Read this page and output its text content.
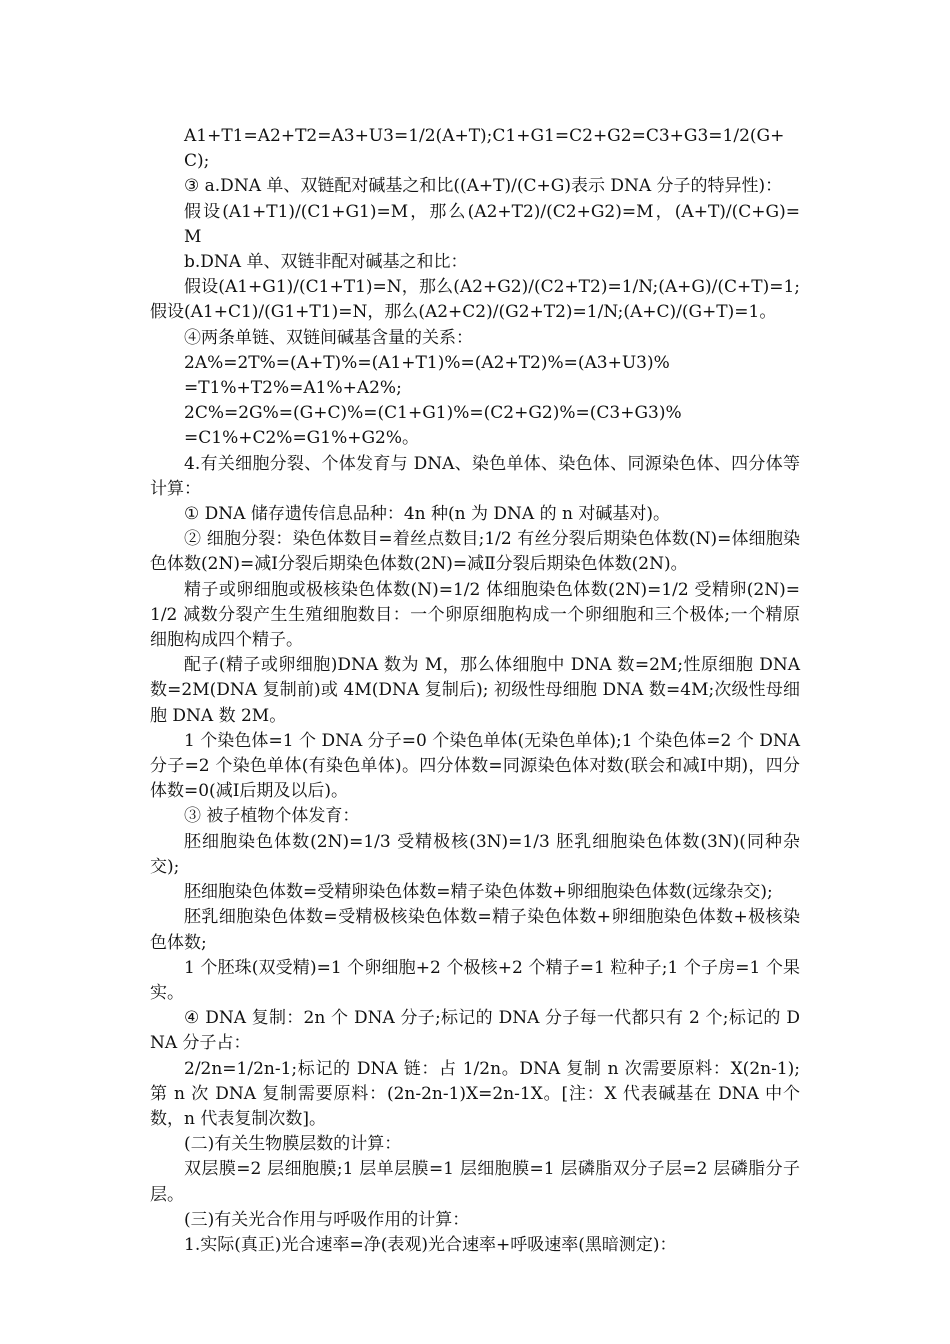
A1+T1=A2+T2=A3+U3=1/2(A+T);C1+G1=C2+G2=C3+G3=1/2(G+C);

③ a.DNA 单、双链配对碱基之和比((A+T)/(C+G)表示 DNA 分子的特异性)：

假设(A1+T1)/(C1+G1)=M，那么(A2+T2)/(C2+G2)=M，(A+T)/(C+G)=M

b.DNA 单、双链非配对碱基之和比：

假设(A1+G1)/(C1+T1)=N，那么(A2+G2)/(C2+T2)=1/N;(A+G)/(C+T)=1;假设(A1+C1)/(G1+T1)=N，那么(A2+C2)/(G2+T2)=1/N;(A+C)/(G+T)=1。

④两条单链、双链间碱基含量的关系：

2A%=2T%=(A+T)%=(A1+T1)%=(A2+T2)%=(A3+U3)%

=T1%+T2%=A1%+A2%;

2C%=2G%=(G+C)%=(C1+G1)%=(C2+G2)%=(C3+G3)%

=C1%+C2%=G1%+G2%。

4.有关细胞分裂、个体发育与 DNA、染色单体、染色体、同源染色体、四分体等计算：

① DNA 储存遗传信息品种：4n 种(n 为 DNA 的 n 对碱基对)。

② 细胞分裂：染色体数目=着丝点数目;1/2 有丝分裂后期染色体数(N)=体细胞染色体数(2N)=减Ⅰ分裂后期染色体数(2N)=减Ⅱ分裂后期染色体数(2N)。

精子或卵细胞或极核染色体数(N)=1/2 体细胞染色体数(2N)=1/2 受精卵(2N)=1/2 减数分裂产生生殖细胞数目：一个卵原细胞构成一个卵细胞和三个极体;一个精原细胞构成四个精子。

配子(精子或卵细胞)DNA 数为 M，那么体细胞中 DNA 数=2M;性原细胞 DNA 数=2M(DNA 复制前)或 4M(DNA 复制后); 初级性母细胞 DNA 数=4M;次级性母细胞 DNA 数 2M。

1 个染色体=1 个 DNA 分子=0 个染色单体(无染色单体);1 个染色体=2 个 DNA 分子=2 个染色单体(有染色单体)。四分体数=同源染色体对数(联会和减Ⅰ中期)，四分体数=0(减Ⅰ后期及以后)。

③ 被子植物个体发育：

胚细胞染色体数(2N)=1/3 受精极核(3N)=1/3 胚乳细胞染色体数(3N)(同种杂交);

胚细胞染色体数=受精卵染色体数=精子染色体数+卵细胞染色体数(远缘杂交);

胚乳细胞染色体数=受精极核染色体数=精子染色体数+卵细胞染色体数+极核染色体数;

1 个胚珠(双受精)=1 个卵细胞+2 个极核+2 个精子=1 粒种子;1 个子房=1 个果实。

④ DNA 复制：2n 个 DNA 分子;标记的 DNA 分子每一代都只有 2 个;标记的 DNA 分子占：

2/2n=1/2n-1;标记的 DNA 链：占 1/2n。DNA 复制 n 次需要原料：X(2n-1);第 n 次 DNA 复制需要原料：(2n-2n-1)X=2n-1X。[注：X 代表碱基在 DNA 中个数，n 代表复制次数]。

(二)有关生物膜层数的计算：

双层膜=2 层细胞膜;1 层单层膜=1 层细胞膜=1 层磷脂双分子层=2 层磷脂分子层。

(三)有关光合作用与呼吸作用的计算：

1.实际(真正)光合速率=净(表观)光合速率+呼吸速率(黑暗测定)：
